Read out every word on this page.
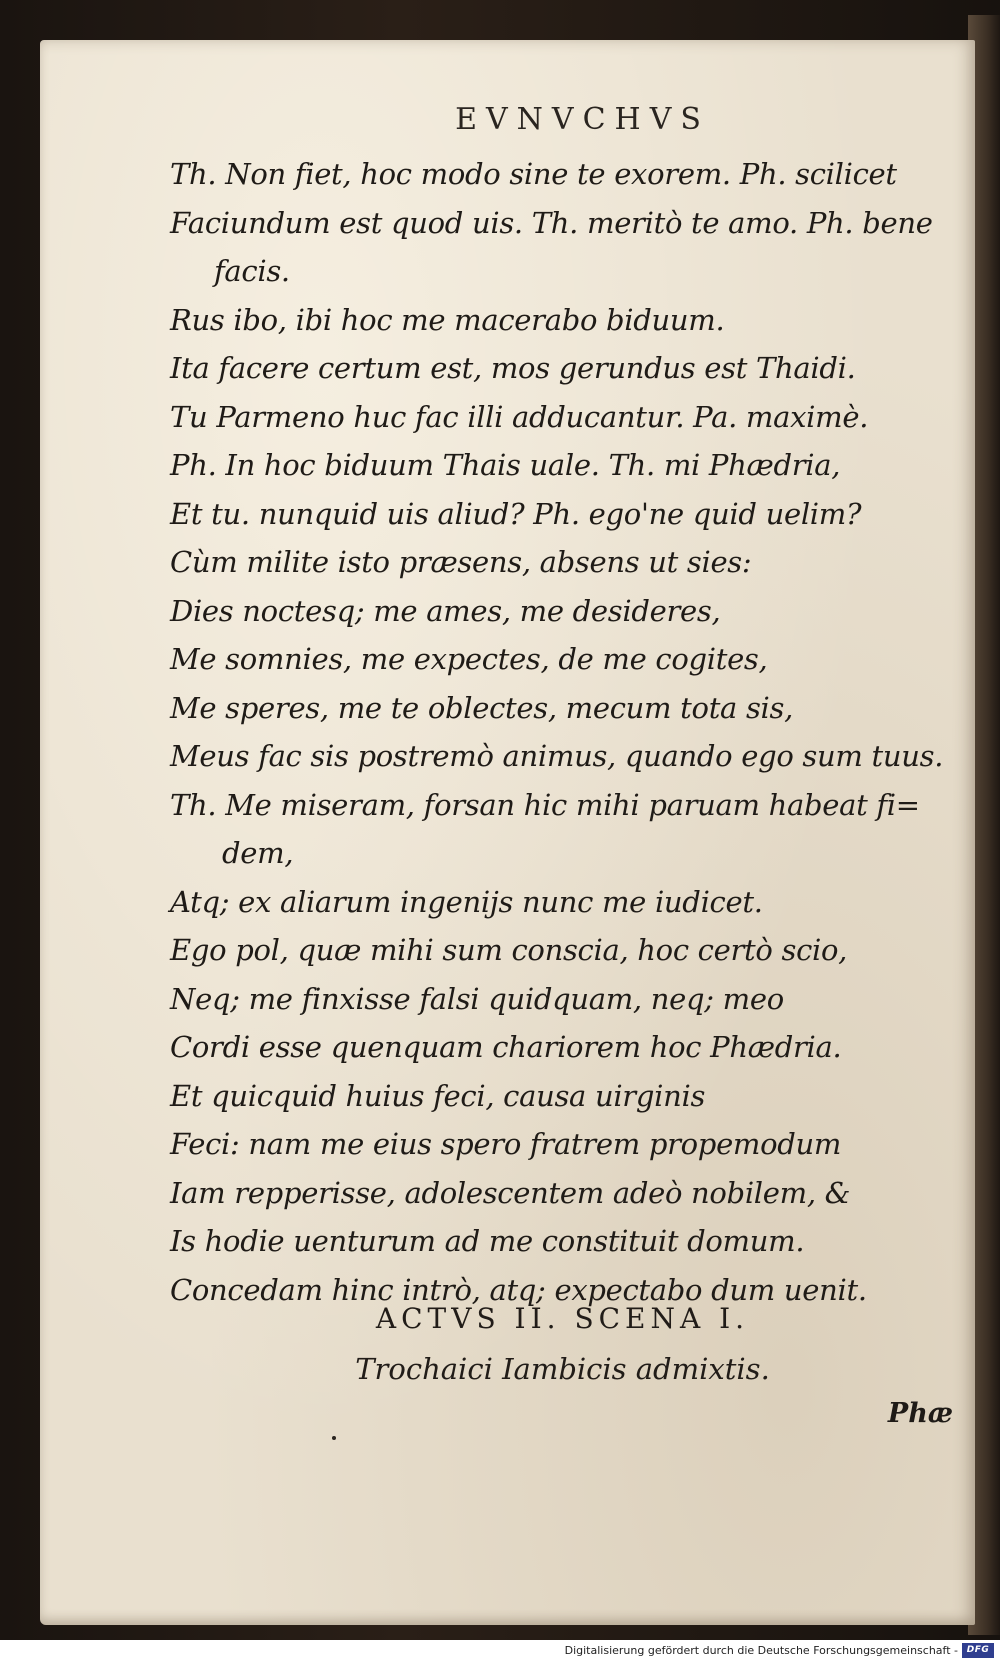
EVNVCHVS
Th. Non fiet, hoc modo sine te exorem. Ph. scilicet
Faciundum est quod uis. Th. meritò te amo. Ph. bene
facis.
Rus ibo, ibi hoc me macerabo biduum.
Ita facere certum est, mos gerundus est Thaidi.
Tu Parmeno huc fac illi adducantur. Pa. maximè.
Ph. In hoc biduum Thais uale. Th. mi Phædria,
Et tu. nunquid uis aliud? Ph. ego'ne quid uelim?
Cùm milite isto præsens, absens ut sies:
Dies noctesq; me ames, me desideres,
Me somnies, me expectes, de me cogites,
Me speres, me te oblectes, mecum tota sis,
Meus fac sis postremò animus, quando ego sum tuus.
Th. Me miseram, forsan hic mihi paruam habeat fi=
dem,
Atq; ex aliarum ingenijs nunc me iudicet.
Ego pol, quæ mihi sum conscia, hoc certò scio,
Neq; me finxisse falsi quidquam, neq; meo
Cordi esse quenquam chariorem hoc Phædria.
Et quicquid huius feci, causa uirginis
Feci: nam me eius spero fratrem propemodum
Iam repperisse, adolescentem adeò nobilem, &
Is hodie uenturum ad me constituit domum.
Concedam hinc intrò, atq; expectabo dum uenit.
ACTVS II. SCENA I.
Trochaici Iambicis admixtis.
Phæ
Digitalisierung gefördert durch die Deutsche Forschungsgemeinschaft - DFG
